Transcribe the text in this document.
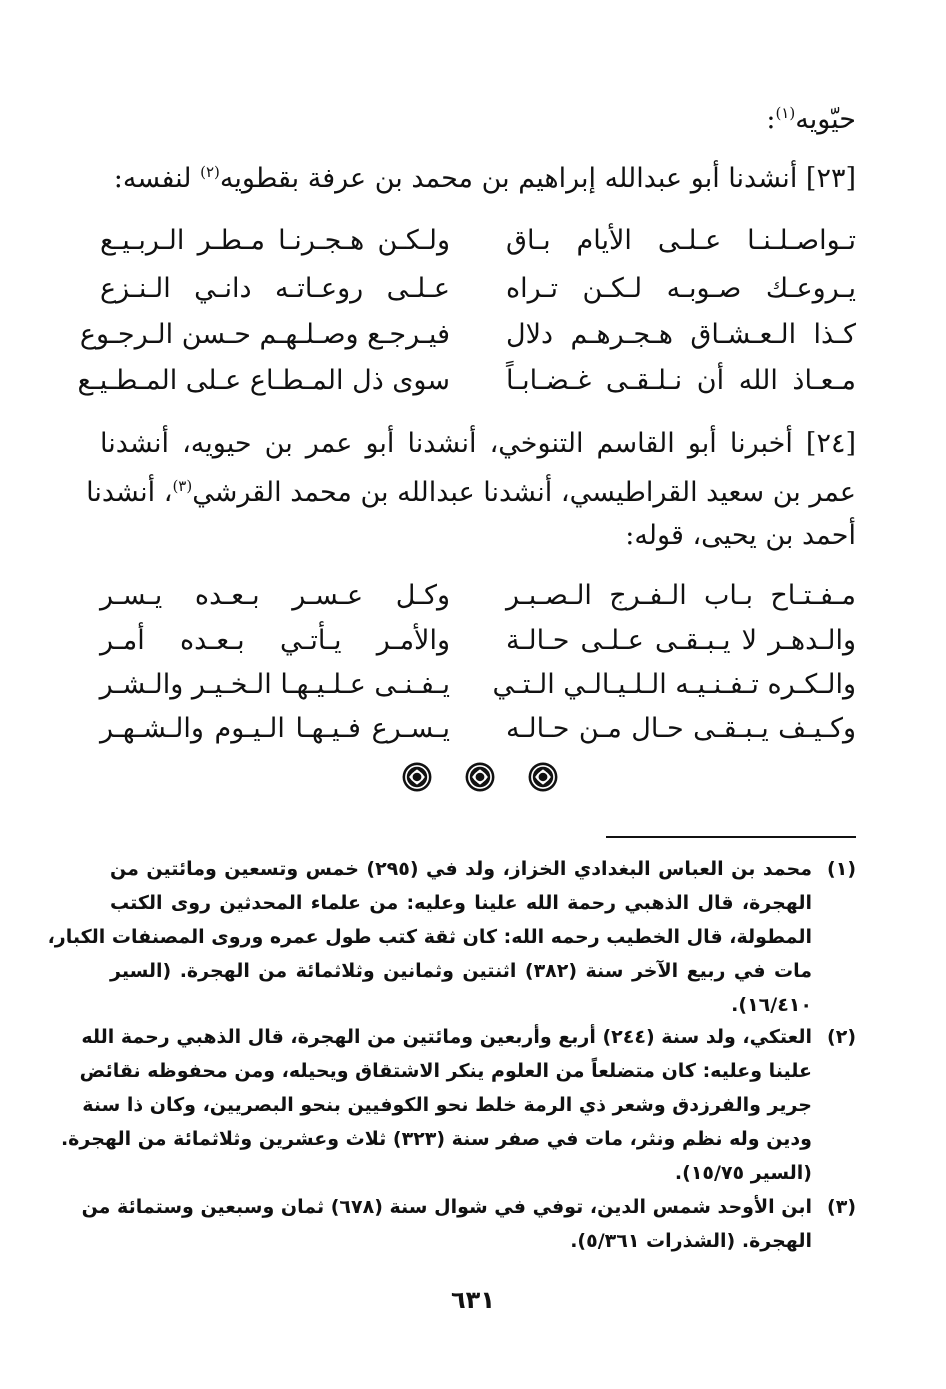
حيّويه$^{(١)}$:
[٢٣] أنشدنا أبو عبدالله إبراهيم بن محمد بن عرفة بقطويه$^{(٢)}$ لنفسه:
تـواصـلـنـا عـلـى الأيام بـاق
ولـكـن هـجـرنـا مـطـر الـربـيـع
يـروعـك صـوبـه لـكـن تـراه
عـلـى روعـاتـه دانـي الـنـزع
كـذا الـعـشـاق هـجـرهـم دلال
فيـرجـع وصـلـهـم حـسن الـرجـوع
مـعـاذ الله أن نـلـقـى غـضـابـاً
سوى ذل المـطـاع عـلى المـطـيـع
[٢٤] أخبرنا أبو القاسم التنوخي، أنشدنا أبو عمر بن حيويه، أنشدنا
عمر بن سعيد القراطيسي، أنشدنا عبدالله بن محمد القرشي$^{(٣)}$، أنشدنا
أحمد بن يحيى، قوله:
مـفـتـاح بـاب الـفـرج الـصـبـر
وكـل عـسـر بـعـده يـسـر
والـدهـر لا يـبـقـى عـلـى حـالـة
والأمـر يـأتـي بـعـده أمـر
والـكـره تـفـنـيـه الـلـيـالـي الـتـي
يـفـنـى عـلـيـهـا الـخـيـر والـشـر
وكـيـف يـبـقـى حـال مـن حـالـه
يـسـرع فـيـهـا الـيـوم والـشـهـر
(١)
محمد بن العباس البغدادي الخزاز، ولد في (٢٩٥) خمس وتسعين ومائتين من
الهجرة، قال الذهبي رحمة الله علينا وعليه: من علماء المحدثين روى الكتب
المطولة، قال الخطيب رحمه الله: كان ثقة كتب طول عمره وروى المصنفات الكبار،
مات في ربيع الآخر سنة (٣٨٢) اثنتين وثمانين وثلاثمائة من الهجرة. (السير
١٦/٤١٠).
(٢)
العتكي، ولد سنة (٢٤٤) أربع وأربعين ومائتين من الهجرة، قال الذهبي رحمة الله
علينا وعليه: كان متضلعاً من العلوم ينكر الاشتقاق ويحيله، ومن محفوظه نقائض
جرير والفرزدق وشعر ذي الرمة خلط نحو الكوفيين بنحو البصريين، وكان ذا سنة
ودين وله نظم ونثر، مات في صفر سنة (٣٢٣) ثلاث وعشرين وثلاثمائة من الهجرة.
(السير ١٥/٧٥).
(٣)
ابن الأوحد شمس الدين، توفي في شوال سنة (٦٧٨) ثمان وسبعين وستمائة من
الهجرة. (الشذرات ٥/٣٦١).
٦٣١
